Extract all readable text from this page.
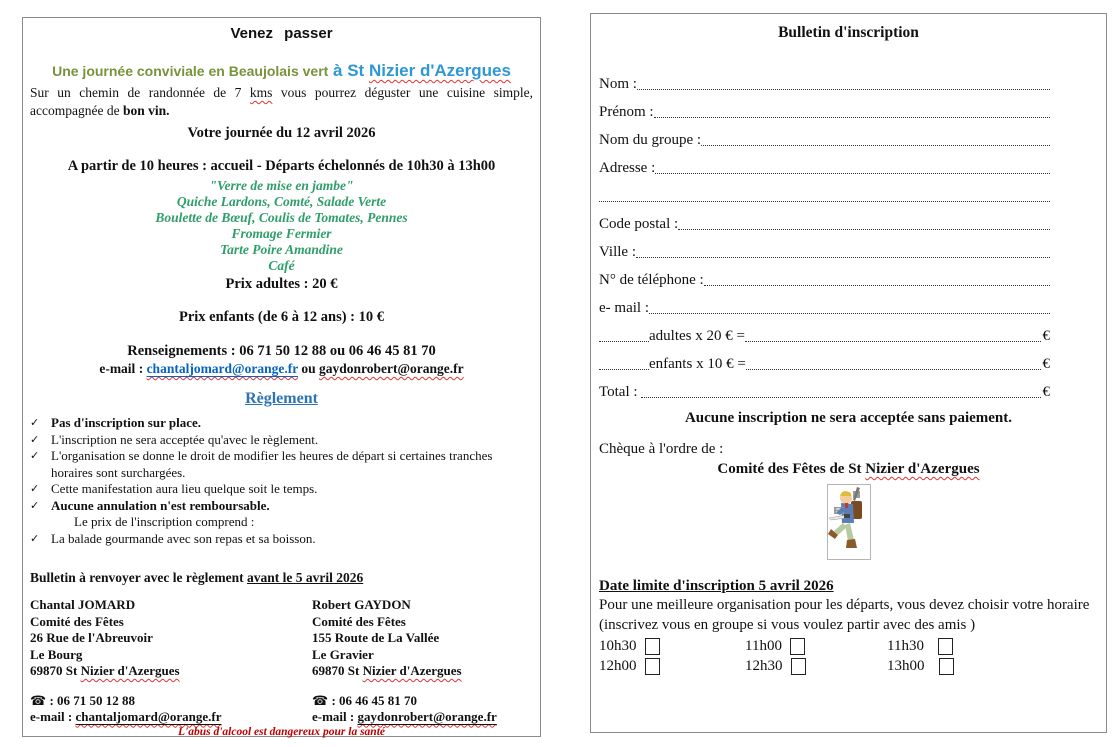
Venez passer
Une journée conviviale en Beaujolais vert à St Nizier d'Azergues
Sur un chemin de randonnée de 7 kms vous pourrez déguster une cuisine simple, accompagnée de bon vin.
Votre journée du 12 avril 2026
A partir de 10 heures : accueil - Départs échelonnés de 10h30 à 13h00
"Verre de mise en jambe"
Quiche Lardons, Comté, Salade Verte
Boulette de Bœuf, Coulis de Tomates, Pennes
Fromage Fermier
Tarte Poire Amandine
Café
Prix adultes : 20 €
Prix enfants (de 6 à 12 ans) : 10 €
Renseignements : 06 71 50 12 88 ou 06 46 45 81 70
e-mail : chantaljomard@orange.fr ou gaydonrobert@orange.fr
Règlement
✓ Pas d'inscription sur place.
✓ L'inscription ne sera acceptée qu'avec le règlement.
✓ L'organisation se donne le droit de modifier les heures de départ si certaines tranches horaires sont surchargées.
✓ Cette manifestation aura lieu quelque soit le temps.
✓ Aucune annulation n'est remboursable.
Le prix de l'inscription comprend :
✓ La balade gourmande avec son repas et sa boisson.
Bulletin à renvoyer avec le règlement avant le 5 avril 2026
Chantal JOMARD
Comité des Fêtes
26 Rue de l'Abreuvoir
Le Bourg
69870 St Nizier d'Azergues
Robert GAYDON
Comité des Fêtes
155 Route de La Vallée
Le Gravier
69870 St Nizier d'Azergues
☎ : 06 71 50 12 88	☎ : 06 46 45 81 70
e-mail : chantaljomard@orange.fr	e-mail : gaydonrobert@orange.fr
L'abus d'alcool est dangereux pour la santé
Bulletin d'inscription
Nom :
Prénom :
Nom du groupe :
Adresse :
Code postal :
Ville :
N° de téléphone :
e- mail :
adultes x 20 € =	€
enfants x 10 € =	€
Total :	€
Aucune inscription ne sera acceptée sans paiement.
Chèque à l'ordre de :
Comité des Fêtes de St Nizier d'Azergues
Date limite d'inscription 5 avril 2026
Pour une meilleure organisation pour les départs, vous devez choisir votre horaire (inscrivez vous en groupe si vous voulez partir avec des amis )
10h30	11h00	11h30
12h00	12h30	13h00
